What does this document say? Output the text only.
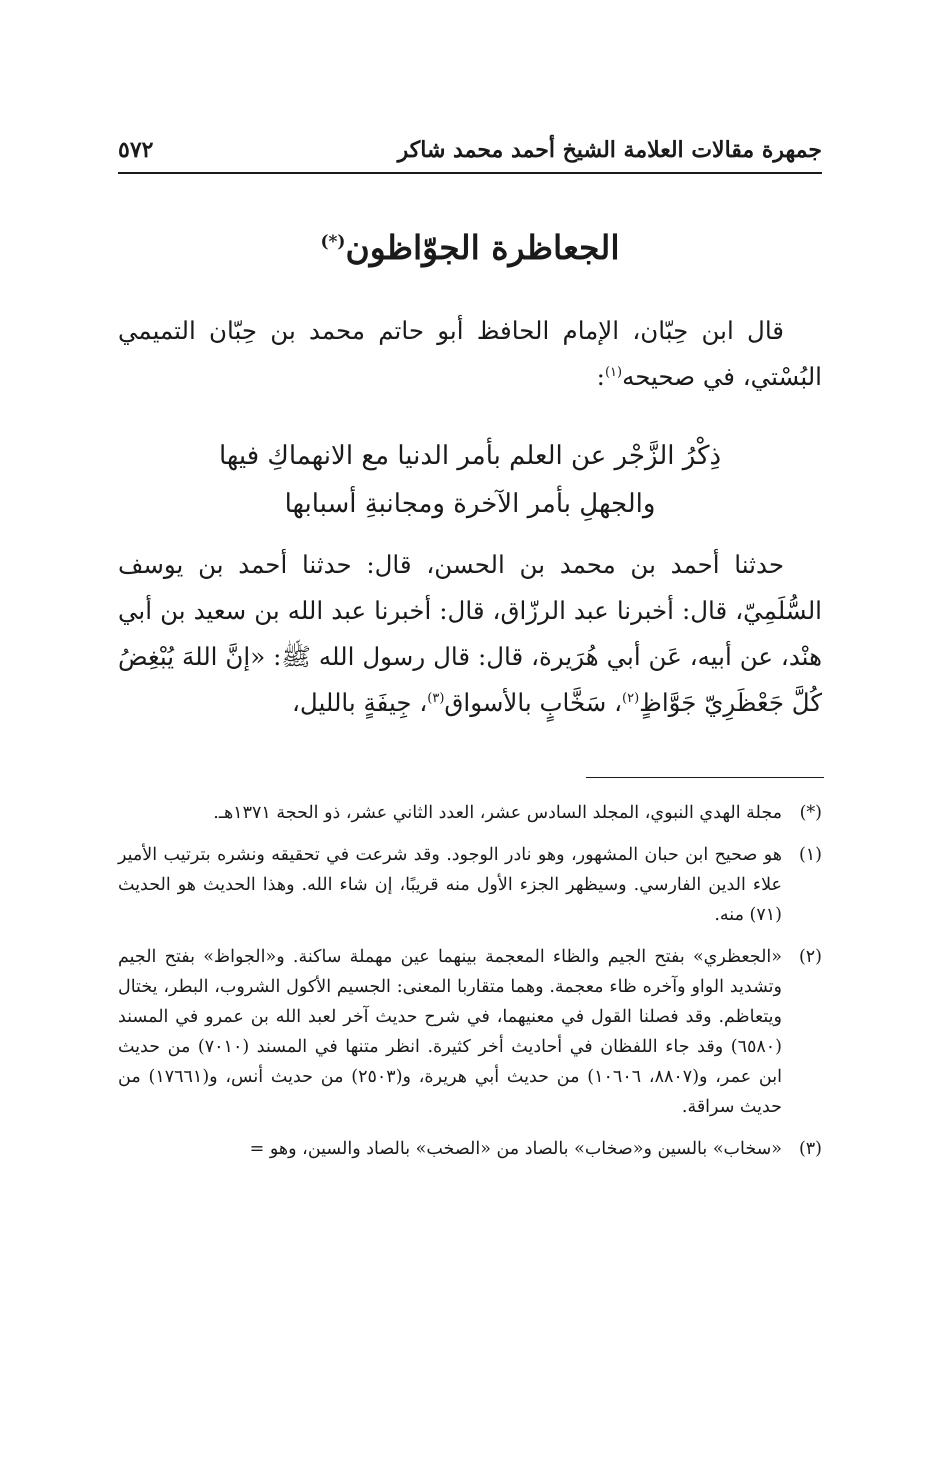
جمهرة مقالات العلامة الشيخ أحمد محمد شاكر
٥٧٢
الجعاظرة الجوّاظون(*)
قال ابن حِبّان، الإمام الحافظ أبو حاتم محمد بن حِبّان التميمي البُسْتي، في صحيحه$^{(١)}$:
ذِكْرُ الزَّجْر عن العلم بأمر الدنيا مع الانهماكِ فيها
والجهلِ بأمر الآخرة ومجانبةِ أسبابها
حدثنا أحمد بن محمد بن الحسن، قال: حدثنا أحمد بن يوسف السُّلَمِيّ، قال: أخبرنا عبد الرزّاق، قال: أخبرنا عبد الله بن سعيد بن أبي هنْد، عن أبيه، عَن أبي هُرَيرة، قال: قال رسول الله ﷺ: «إنَّ اللهَ يُبْغِضُ كُلَّ جَعْظَرِيّ جَوَّاظٍ$^{(٢)}$، سَخَّابٍ بالأسواق$^{(٣)}$، جِيفَةٍ بالليل،
(*)
مجلة الهدي النبوي، المجلد السادس عشر، العدد الثاني عشر، ذو الحجة ١٣٧١هـ.
(١)
هو صحيح ابن حبان المشهور، وهو نادر الوجود. وقد شرعت في تحقيقه ونشره بترتيب الأمير علاء الدين الفارسي. وسيظهر الجزء الأول منه قريبًا، إن شاء الله. وهذا الحديث هو الحديث (٧١) منه.
(٢)
«الجعظري» بفتح الجيم والظاء المعجمة بينهما عين مهملة ساكنة. و«الجواظ» بفتح الجيم وتشديد الواو وآخره ظاء معجمة. وهما متقاربا المعنى: الجسيم الأكول الشروب، البطر، يختال ويتعاظم. وقد فصلنا القول في معنيهما، في شرح حديث آخر لعبد الله بن عمرو في المسند (٦٥٨٠) وقد جاء اللفظان في أحاديث أخر كثيرة. انظر متنها في المسند (٧٠١٠) من حديث ابن عمر، و(٨٨٠٧، ١٠٦٠٦) من حديث أبي هريرة، و(٢٥٠٣) من حديث أنس، و(١٧٦٦١) من حديث سراقة.
(٣)
«سخاب» بالسين و«صخاب» بالصاد من «الصخب» بالصاد والسين، وهو =
